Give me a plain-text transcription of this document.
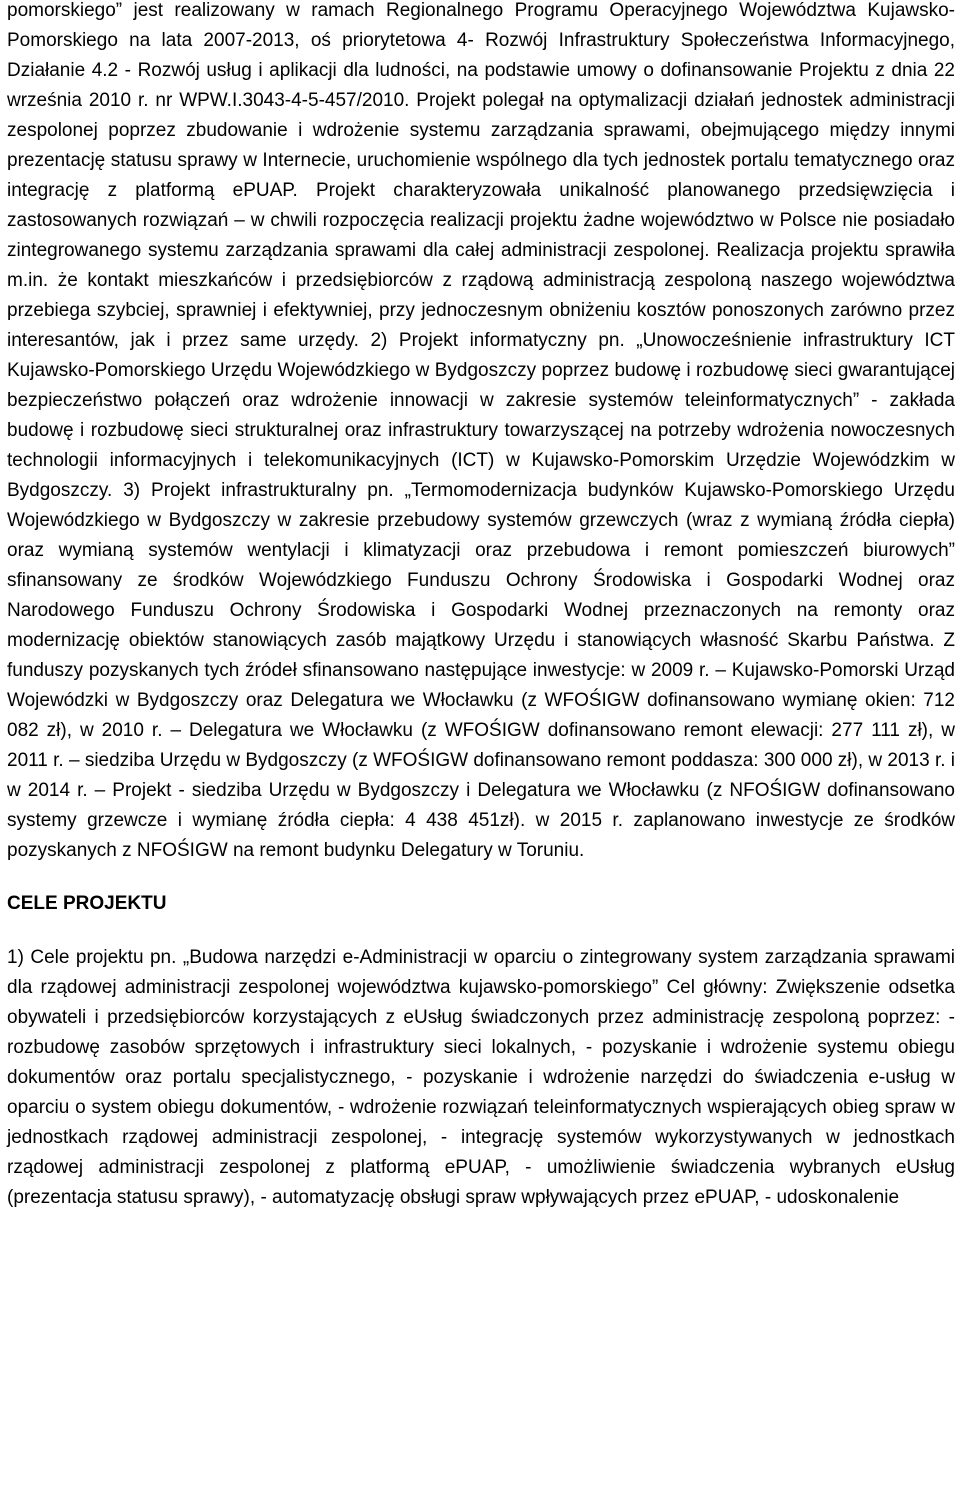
pomorskiego” jest realizowany w ramach Regionalnego Programu Operacyjnego Województwa Kujawsko-Pomorskiego na lata 2007-2013, oś priorytetowa 4- Rozwój Infrastruktury Społeczeństwa Informacyjnego, Działanie 4.2 - Rozwój usług i aplikacji dla ludności, na podstawie umowy o dofinansowanie Projektu z dnia 22 września 2010 r. nr WPW.I.3043-4-5-457/2010. Projekt polegał na optymalizacji działań jednostek administracji zespolonej poprzez zbudowanie i wdrożenie systemu zarządzania sprawami, obejmującego między innymi prezentację statusu sprawy w Internecie, uruchomienie wspólnego dla tych jednostek portalu tematycznego oraz integrację z platformą ePUAP. Projekt charakteryzowała unikalność planowanego przedsięwzięcia i zastosowanych rozwiązań – w chwili rozpoczęcia realizacji projektu żadne województwo w Polsce nie posiadało zintegrowanego systemu zarządzania sprawami dla całej administracji zespolonej. Realizacja projektu sprawiła m.in. że kontakt mieszkańców i przedsiębiorców z rządową administracją zespoloną naszego województwa przebiega szybciej, sprawniej i efektywniej, przy jednoczesnym obniżeniu kosztów ponoszonych zarówno przez interesantów, jak i przez same urzędy. 2) Projekt informatyczny pn. „Unowocześnienie infrastruktury ICT Kujawsko-Pomorskiego Urzędu Wojewódzkiego w Bydgoszczy poprzez budowę i rozbudowę sieci gwarantującej bezpieczeństwo połączeń oraz wdrożenie innowacji w zakresie systemów teleinformatycznych” - zakłada budowę i rozbudowę sieci strukturalnej oraz infrastruktury towarzyszącej na potrzeby wdrożenia nowoczesnych technologii informacyjnych i telekomunikacyjnych (ICT) w Kujawsko-Pomorskim Urzędzie Wojewódzkim w Bydgoszczy. 3) Projekt infrastrukturalny pn. „Termomodernizacja budynków Kujawsko-Pomorskiego Urzędu Wojewódzkiego w Bydgoszczy w zakresie przebudowy systemów grzewczych (wraz z wymianą źródła ciepła) oraz wymianą systemów wentylacji i klimatyzacji oraz przebudowa i remont pomieszczeń biurowych” sfinansowany ze środków Wojewódzkiego Funduszu Ochrony Środowiska i Gospodarki Wodnej oraz Narodowego Funduszu Ochrony Środowiska i Gospodarki Wodnej przeznaczonych na remonty oraz modernizację obiektów stanowiących zasób majątkowy Urzędu i stanowiących własność Skarbu Państwa. Z funduszy pozyskanych tych źródeł sfinansowano następujące inwestycje: w 2009 r. – Kujawsko-Pomorski Urząd Wojewódzki w Bydgoszczy oraz Delegatura we Włocławku (z WFOŚIGW dofinansowano wymianę okien: 712 082 zł), w 2010 r. – Delegatura we Włocławku (z WFOŚIGW dofinansowano remont elewacji: 277 111 zł), w 2011 r. – siedziba Urzędu w Bydgoszczy (z WFOŚIGW dofinansowano remont poddasza: 300 000 zł), w 2013 r. i w 2014 r. – Projekt - siedziba Urzędu w Bydgoszczy i Delegatura we Włocławku (z NFOŚIGW dofinansowano systemy grzewcze i wymianę źródła ciepła: 4 438 451zł). w 2015 r. zaplanowano inwestycje ze środków pozyskanych z NFOŚIGW na remont budynku Delegatury w Toruniu.

CELE PROJEKTU

1) Cele projektu pn. „Budowa narzędzi e-Administracji w oparciu o zintegrowany system zarządzania sprawami dla rządowej administracji zespolonej województwa kujawsko-pomorskiego” Cel główny: Zwiększenie odsetka obywateli i przedsiębiorców korzystających z eUsług świadczonych przez administrację zespoloną poprzez: - rozbudowę zasobów sprzętowych i infrastruktury sieci lokalnych, - pozyskanie i wdrożenie systemu obiegu dokumentów oraz portalu specjalistycznego, - pozyskanie i wdrożenie narzędzi do świadczenia e-usług w oparciu o system obiegu dokumentów, - wdrożenie rozwiązań teleinformatycznych wspierających obieg spraw w jednostkach rządowej administracji zespolonej, - integrację systemów wykorzystywanych w jednostkach rządowej administracji zespolonej z platformą ePUAP, - umożliwienie świadczenia wybranych eUsług (prezentacja statusu sprawy), - automatyzację obsługi spraw wpływających przez ePUAP, - udoskonalenie
